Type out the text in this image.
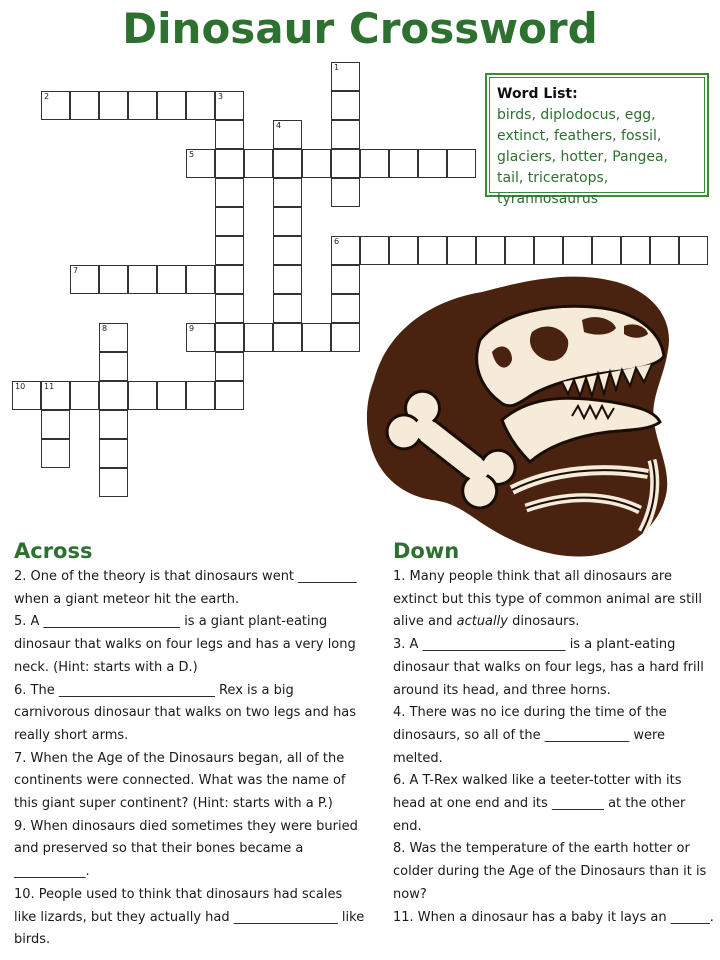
Dinosaur Crossword
2	3
5
6
7
9
10 11
1
4
8
Word List:
birds, diplodocus, egg, extinct, feathers, fossil, glaciers, hotter, Pangea, tail, triceratops, tyrannosaurus
Across	Down

2. One of the theory is that dinosaurs went _________ when a giant meteor hit the earth.

5. A _____________________ is a giant plant-eating dinosaur that walks on four legs and has a very long neck. (Hint: starts with a D.)

6. The ________________________ Rex is a big carnivorous dinosaur that walks on two legs and has really short arms.

7. When the Age of the Dinosaurs began, all of the continents were connected. What was the name of this giant super continent? (Hint: starts with a P.)

9. When dinosaurs died sometimes they were buried and preserved so that their bones became a ___________.

10. People used to think that dinosaurs had scales like lizards, but they actually had ________________ like birds.

1. Many people think that all dinosaurs are extinct but this type of common animal are still alive and actually dinosaurs.

3. A ______________________ is a plant-eating dinosaur that walks on four legs, has a hard frill around its head, and three horns.

4. There was no ice during the time of the dinosaurs, so all of the _____________ were melted.

6. A T-Rex walked like a teeter-totter with its head at one end and its ________ at the other end.

8. Was the temperature of the earth hotter or colder during the Age of the Dinosaurs than it is now?

11. When a dinosaur has a baby it lays an ______.
